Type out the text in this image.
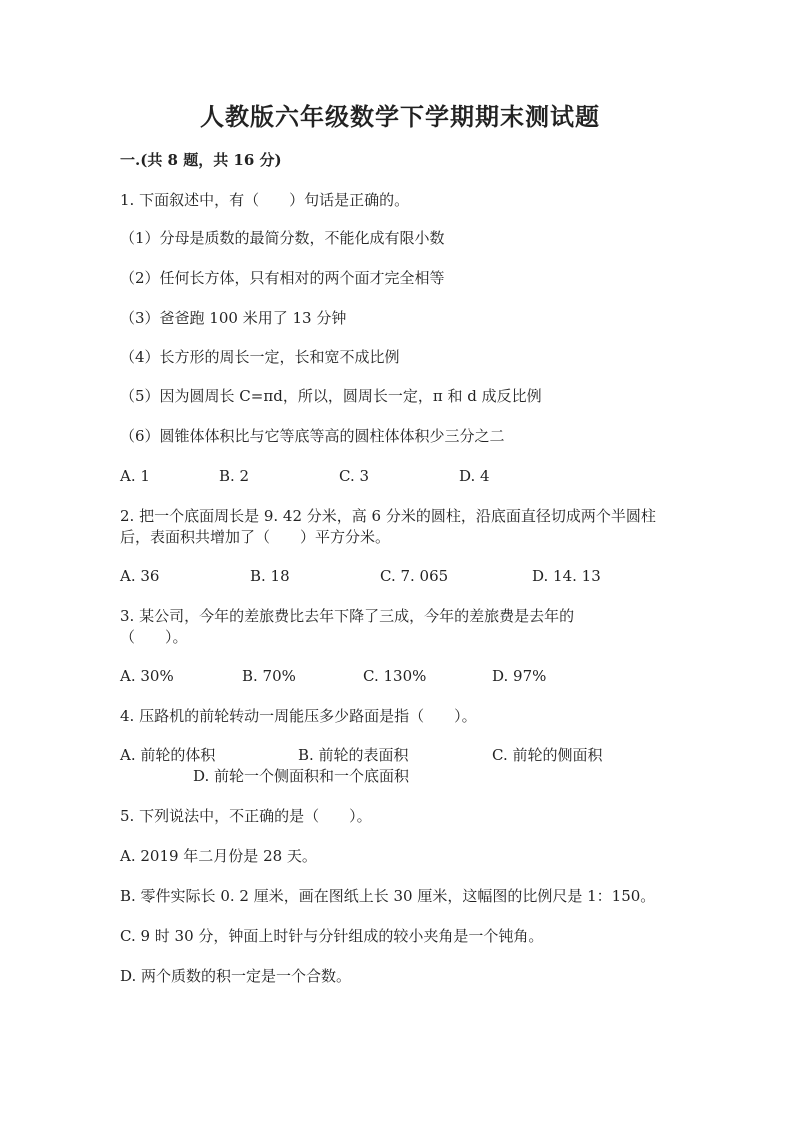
人教版六年级数学下学期期末测试题
一.(共 8 题，共 16 分)
1. 下面叙述中，有（　　）句话是正确的。
（1）分母是质数的最简分数，不能化成有限小数
（2）任何长方体，只有相对的两个面才完全相等
（3）爸爸跑 100 米用了 13 分钟
（4）长方形的周长一定，长和宽不成比例
（5）因为圆周长 C=πd，所以，圆周长一定，π 和 d 成反比例
（6）圆锥体体积比与它等底等高的圆柱体体积少三分之二
A. 1	B. 2	C. 3	D. 4
2. 把一个底面周长是 9. 42 分米，高 6 分米的圆柱，沿底面直径切成两个半圆柱
后，表面积共增加了（　　）平方分米。
A. 36	B. 18	C. 7. 065	D. 14. 13
3. 某公司，今年的差旅费比去年下降了三成，今年的差旅费是去年的
（　　）。
A. 30%	B. 70%	C. 130%	D. 97%
4. 压路机的前轮转动一周能压多少路面是指（　　）。
A. 前轮的体积	B. 前轮的表面积	C. 前轮的侧面积
D. 前轮一个侧面积和一个底面积
5. 下列说法中，不正确的是（　　）。
A. 2019 年二月份是 28 天。
B. 零件实际长 0. 2 厘米，画在图纸上长 30 厘米，这幅图的比例尺是 1：150。
C. 9 时 30 分，钟面上时针与分针组成的较小夹角是一个钝角。
D. 两个质数的积一定是一个合数。
